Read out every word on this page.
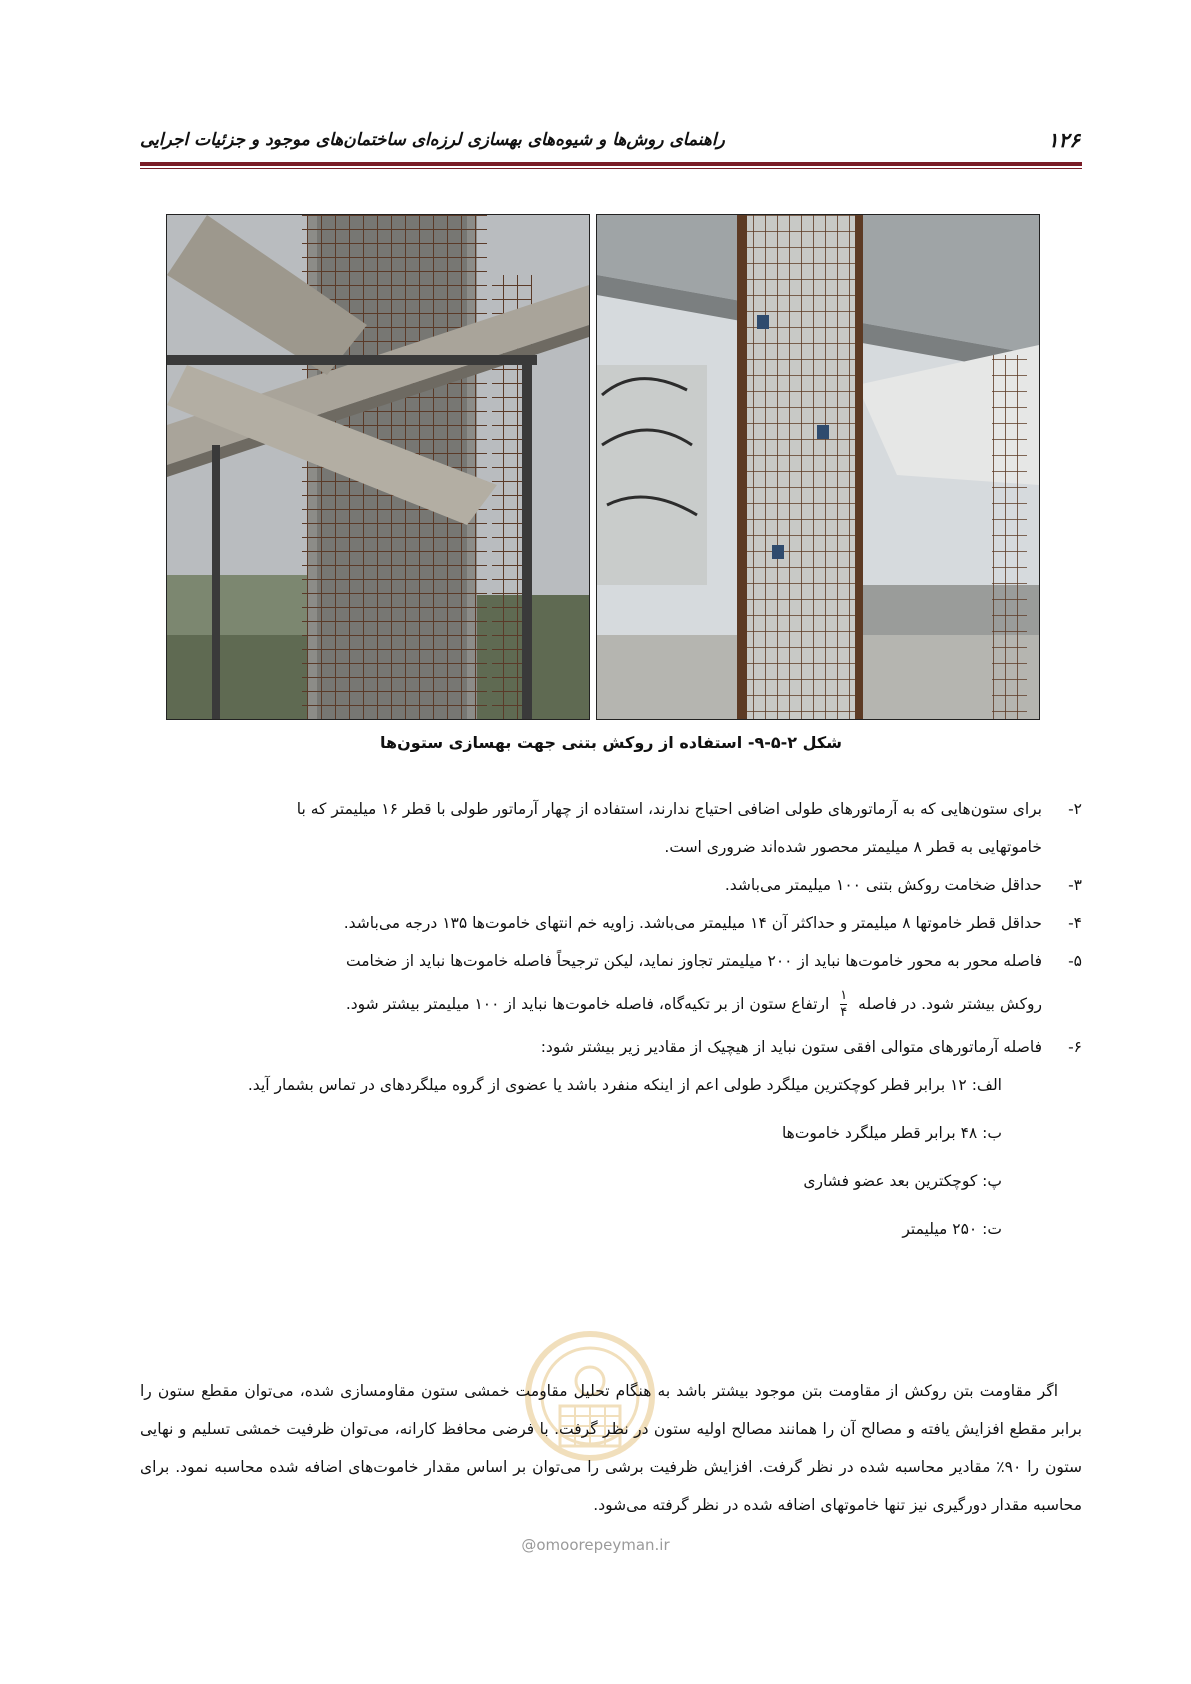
۱۲۶
راهنمای روش‌ها و شیوه‌های بهسازی لرزه‌ای ساختمان‌های موجود و جزئیات اجرایی
شکل ۲-۵-۹- استفاده از روکش بتنی جهت بهسازی ستون‌ها

۲-
برای ستون‌هایی که به آرماتورهای طولی اضافی احتیاج ندارند، استفاده از چهار آرماتور طولی با قطر ۱۶ میلیمتر که با
خاموتهایی به قطر ۸ میلیمتر محصور شده‌اند ضروری است.

۳-
حداقل ضخامت روکش بتنی ۱۰۰ میلیمتر می‌باشد.

۴-
حداقل قطر خاموتها ۸ میلیمتر و حداکثر آن ۱۴ میلیمتر می‌باشد. زاویه خم انتهای خاموت‌ها ۱۳۵ درجه می‌باشد.

۵-
فاصله محور به محور خاموت‌ها نباید از ۲۰۰ میلیمتر تجاوز نماید، لیکن ترجیحاً فاصله خاموت‌ها نباید از ضخامت
روکش بیشتر شود. در فاصله
$\frac{۱}{۴}$
ارتفاع ستون از بر تکیه‌گاه، فاصله خاموت‌ها نباید از ۱۰۰ میلیمتر بیشتر شود.

۶-
فاصله آرماتورهای متوالی افقی ستون نباید از هیچیک از مقادیر زیر بیشتر شود:

الف: ۱۲ برابر قطر کوچکترین میلگرد طولی اعم از اینکه منفرد باشد یا عضوی از گروه میلگردهای در تماس بشمار آید.

ب: ۴۸ برابر قطر میلگرد خاموت‌ها

پ: کوچکترین بعد عضو فشاری

ت: ۲۵۰ میلیمتر

اگر مقاومت بتن روکش از مقاومت بتن موجود بیشتر باشد به هنگام تحلیل مقاومت خمشی ستون مقاومسازی شده، می‌توان مقطع ستون را برابر مقطع افزایش یافته و مصالح آن را همانند مصالح اولیه ستون در نظر گرفت. با فرضی محافظ کارانه، می‌توان ظرفیت خمشی تسلیم و نهایی ستون را ۹۰٪ مقادیر محاسبه شده در نظر گرفت. افزایش ظرفیت برشی را می‌توان بر اساس مقدار خاموت‌های اضافه شده محاسبه نمود. برای محاسبه مقدار دورگیری نیز تنها خاموتهای اضافه شده در نظر گرفته می‌شود.

@omoorepeyman.ir
